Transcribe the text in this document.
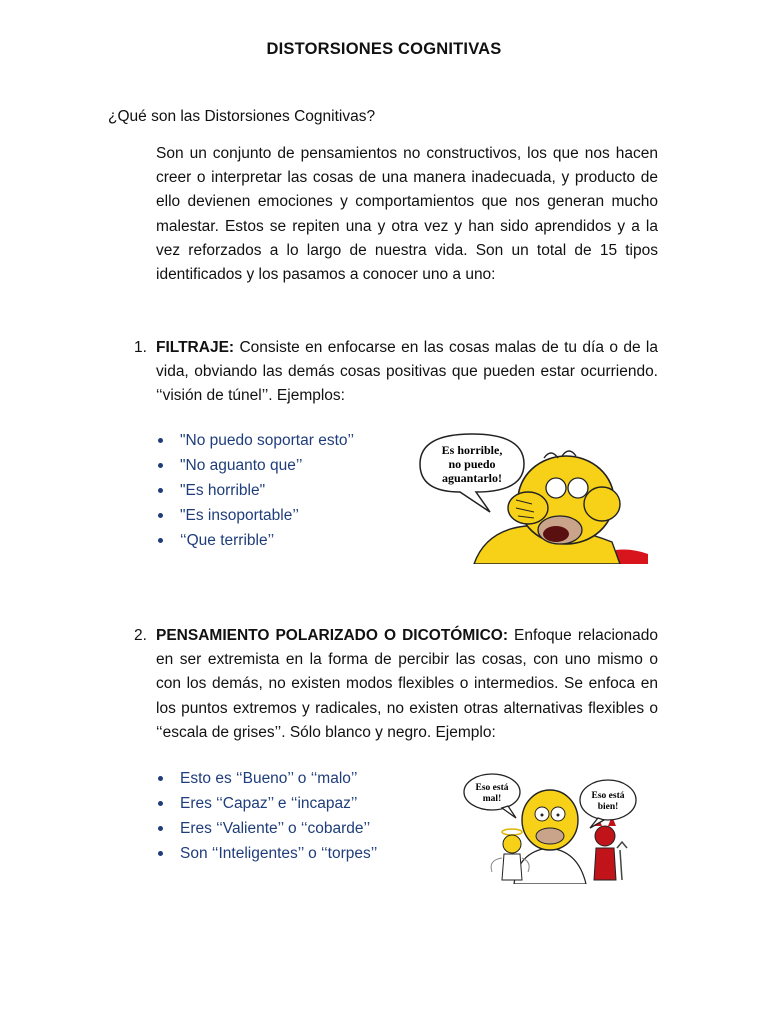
DISTORSIONES COGNITIVAS
¿Qué son las Distorsiones Cognitivas?
Son un conjunto de pensamientos no constructivos, los que nos hacen creer o interpretar las cosas de una manera inadecuada, y producto de ello devienen emociones y comportamientos que nos generan mucho malestar. Estos se repiten una y otra vez y han sido aprendidos y a la vez reforzados a lo largo de nuestra vida. Son un total de 15 tipos identificados y los pasamos a conocer uno a uno:
1. FILTRAJE: Consiste en enfocarse en las cosas malas de tu día o de la vida, obviando las demás cosas positivas que pueden estar ocurriendo. ‘‘visión de túnel’’. Ejemplos:
"No puedo soportar esto’’
"No aguanto que’’
"Es horrible"
"Es insoportable’’
‘‘Que terrible’’
Es horrible,
no puedo
aguantarlo!
2. PENSAMIENTO POLARIZADO O DICOTÓMICO: Enfoque relacionado en ser extremista en la forma de percibir las cosas, con uno mismo o con los demás, no existen modos flexibles o intermedios. Se enfoca en los puntos extremos y radicales, no existen otras alternativas flexibles o ‘‘escala de grises’’. Sólo blanco y negro. Ejemplo:
Esto es ‘‘Bueno’’ o ‘‘malo’’
Eres ‘‘Capaz’’ e ‘‘incapaz’’
Eres ‘‘Valiente’’ o ‘‘cobarde’’
Son ‘‘Inteligentes’’ o ‘‘torpes’’
Eso está
mal!	Eso está
bien!
